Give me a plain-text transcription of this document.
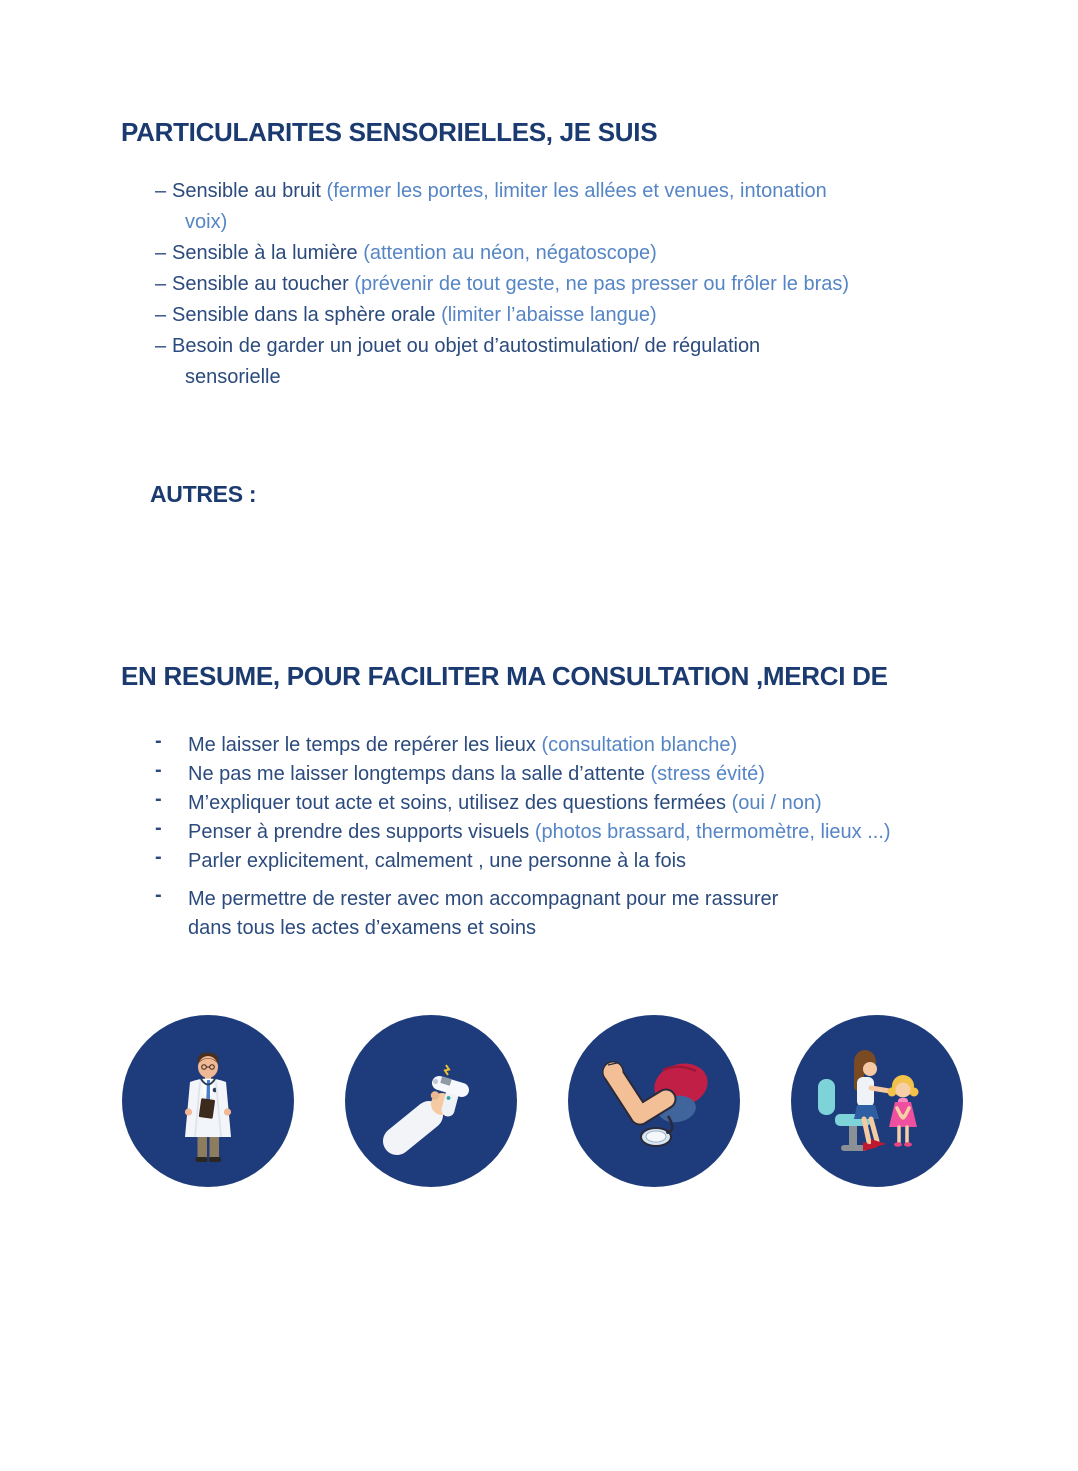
PARTICULARITES SENSORIELLES, JE SUIS
– Sensible au bruit (fermer les portes, limiter les allées et venues, intonation
voix)
– Sensible à la lumière (attention au néon, négatoscope)
– Sensible au toucher (prévenir de tout geste, ne pas presser ou frôler le bras)
– Sensible dans la sphère orale (limiter l’abaisse langue)
– Besoin de garder un jouet ou objet d’autostimulation/ de régulation
sensorielle
AUTRES :
EN RESUME, POUR FACILITER MA CONSULTATION ,MERCI DE
- Me laisser le temps de repérer les lieux (consultation blanche)
- Ne pas me laisser longtemps dans la salle d’attente (stress évité)
- M’expliquer tout acte et soins, utilisez des questions fermées (oui / non)
- Penser à prendre des supports visuels (photos brassard, thermomètre, lieux ...)
- Parler explicitement, calmement , une personne à la fois
- Me permettre de rester avec mon accompagnant pour me rassurer
dans tous les actes d’examens et soins
